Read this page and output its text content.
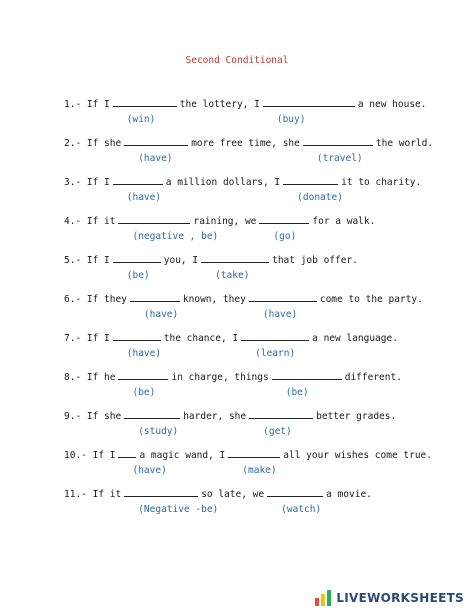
Second Conditional
1.- If I	the lottery, I	a new house.
(win)	(buy)
2.- If she	more free time, she	the world.
(have)	(travel)
3.- If I	a million dollars, I	it to charity.
(have)	(donate)
4.- If it	raining, we	for a walk.
(negative , be)	(go)
5.- If I	you, I	that job offer.
(be)	(take)
6.- If they	known, they	come to the party.
(have)	(have)
7.- If I	the chance, I	a new language.
(have)	(learn)
8.- If he	in charge, things	different.
(be)	(be)
9.- If she	harder, she	better grades.
(study)	(get)
10.- If I	a magic wand, I	all your wishes come true.
(have)	(make)
11.- If it	so late, we	a movie.
(Negative -be)	(watch)
LIVEWORKSHEETS
